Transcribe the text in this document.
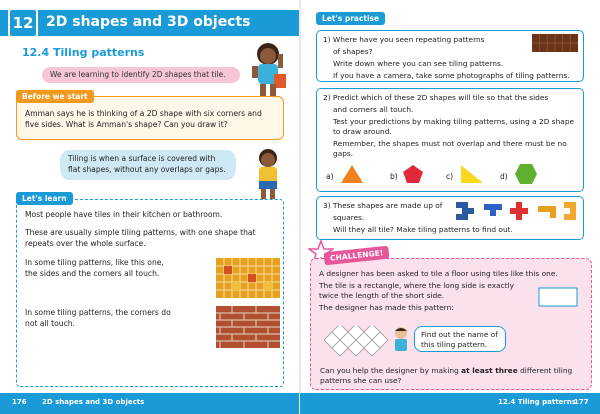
12 2D shapes and 3D objects
12.4 Tiling patterns
We are learning to identify 2D shapes that tile.
Before we start
Amman says he is thinking of a 2D shape with six corners and five sides. What is Amman's shape? Can you draw it?
Tiling is when a surface is covered with flat shapes, without any overlaps or gaps.
Let's learn

Most people have tiles in their kitchen or bathroom.

These are usually simple tiling patterns, with one shape that repeats over the whole surface.

In some tiling patterns, like this one, the sides and the corners all touch.

In some tiling patterns, the corners do not all touch.

176 2D shapes and 3D objects
Let's practise

1) Where have you seen repeating patterns

of shapes?

Write down where you can see tiling patterns.

If you have a camera, take some photographs of tiling patterns.

2) Predict which of these 2D shapes will tile so that the sides

and corners all touch.

Test your predictions by making tiling patterns, using a 2D shape to draw around.

Remember, the shapes must not overlap and there must be no gaps.

a)	b)	c)	d)

3) These shapes are made up of

squares.

Will they all tile? Make tiling patterns to find out.

A designer has been asked to tile a floor using tiles like this one.

The tile is a rectangle, where the long side is exactly twice the length of the short side.

The designer has made this pattern:

CHALLENGE!
Find out the name of this tiling pattern.

Can you help the designer by making at least three different tiling patterns she can use?

12.4 Tiling patterns
177
